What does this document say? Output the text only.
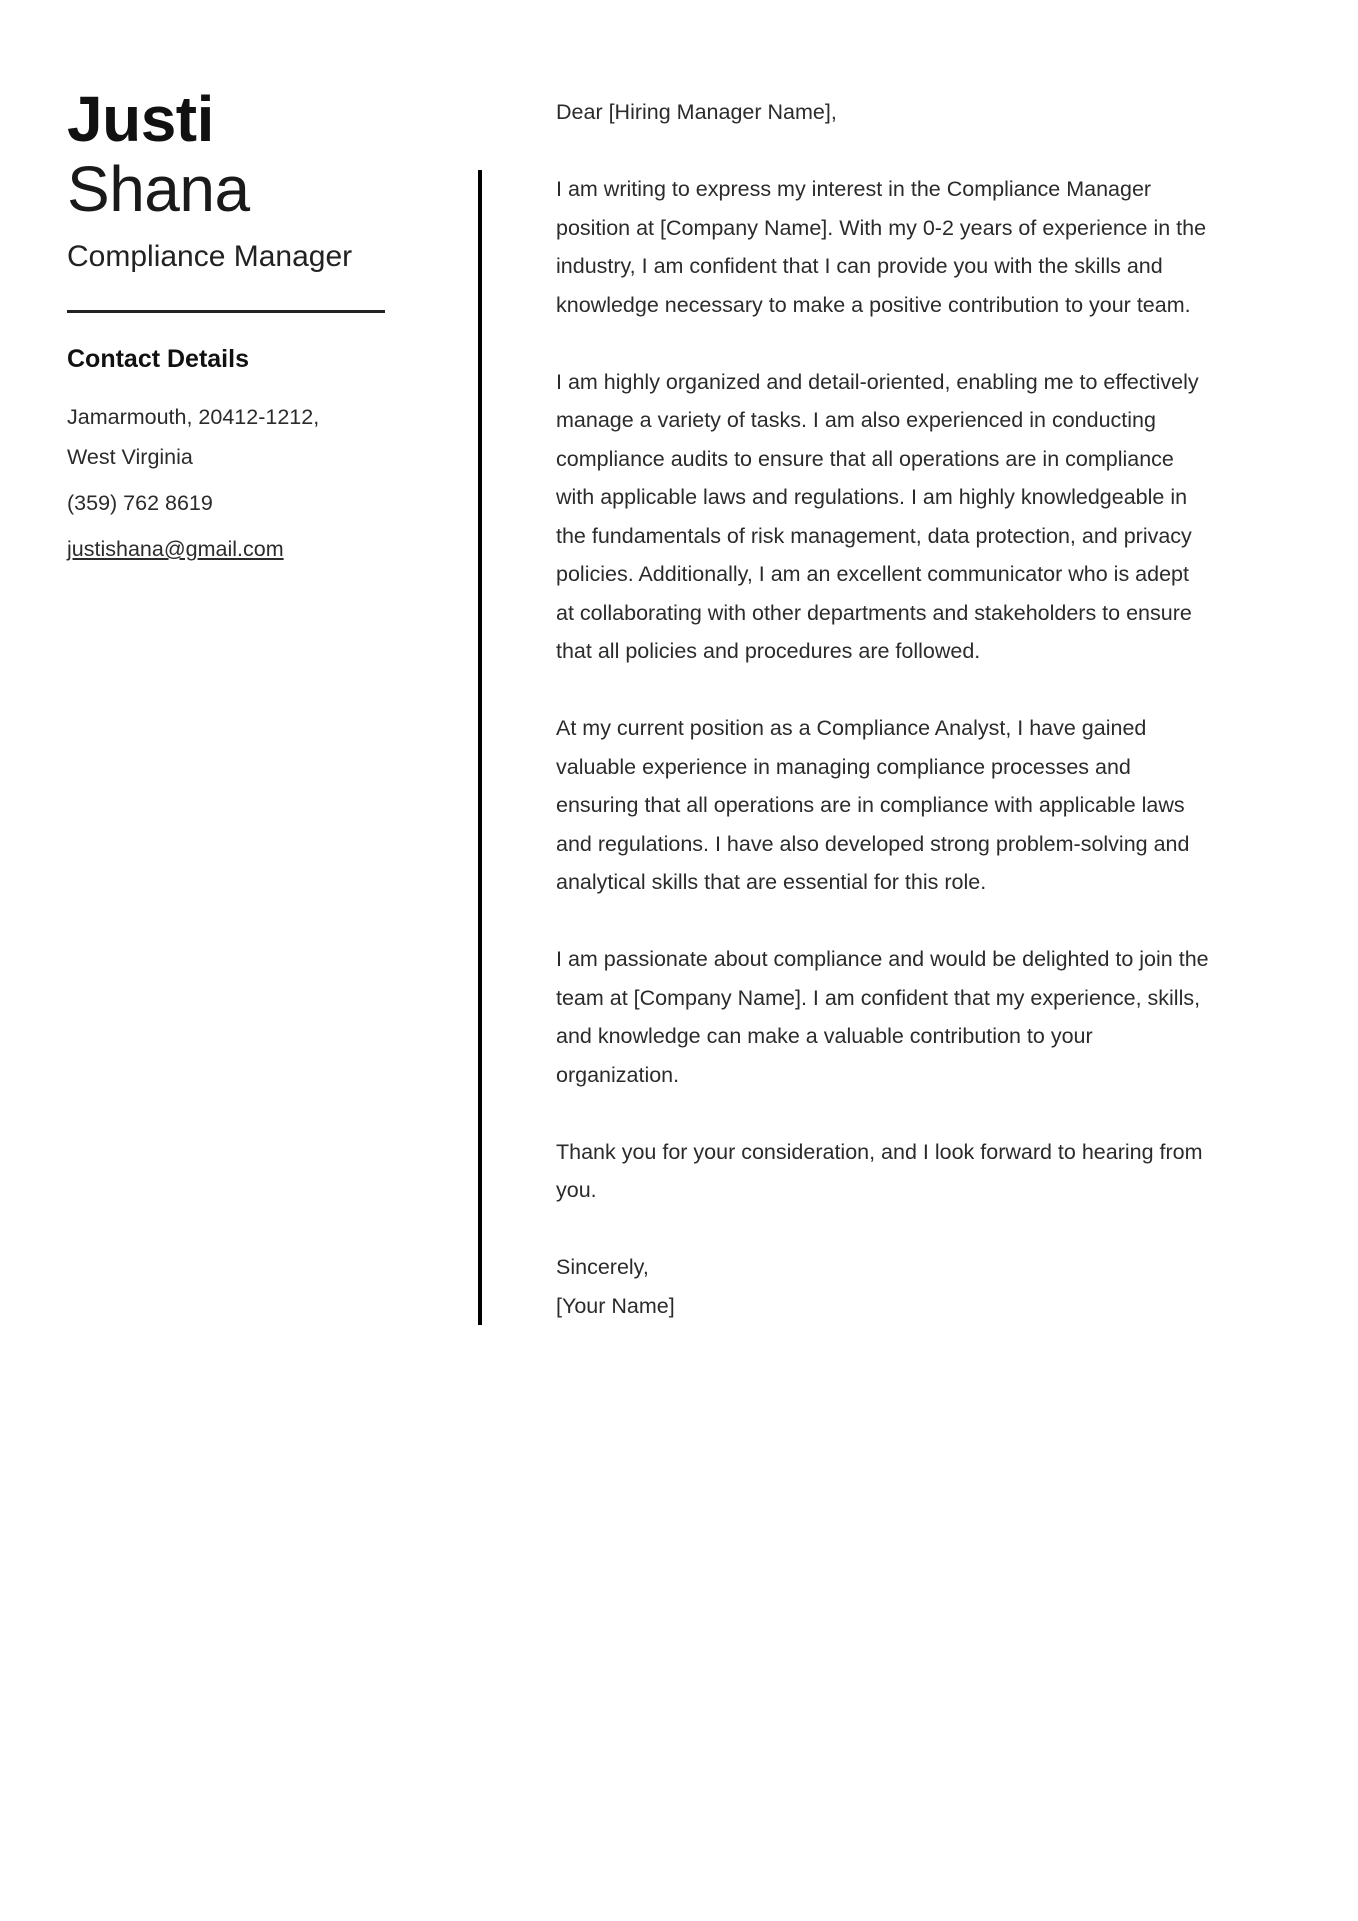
Justi
Shana
Compliance Manager
Contact Details
Jamarmouth, 20412-1212, West Virginia
(359) 762 8619
justishana@gmail.com
Dear [Hiring Manager Name],

I am writing to express my interest in the Compliance Manager position at [Company Name]. With my 0-2 years of experience in the industry, I am confident that I can provide you with the skills and knowledge necessary to make a positive contribution to your team.

I am highly organized and detail-oriented, enabling me to effectively manage a variety of tasks. I am also experienced in conducting compliance audits to ensure that all operations are in compliance with applicable laws and regulations. I am highly knowledgeable in the fundamentals of risk management, data protection, and privacy policies. Additionally, I am an excellent communicator who is adept at collaborating with other departments and stakeholders to ensure that all policies and procedures are followed.

At my current position as a Compliance Analyst, I have gained valuable experience in managing compliance processes and ensuring that all operations are in compliance with applicable laws and regulations. I have also developed strong problem-solving and analytical skills that are essential for this role.

I am passionate about compliance and would be delighted to join the team at [Company Name]. I am confident that my experience, skills, and knowledge can make a valuable contribution to your organization.

Thank you for your consideration, and I look forward to hearing from you.

Sincerely,
[Your Name]
